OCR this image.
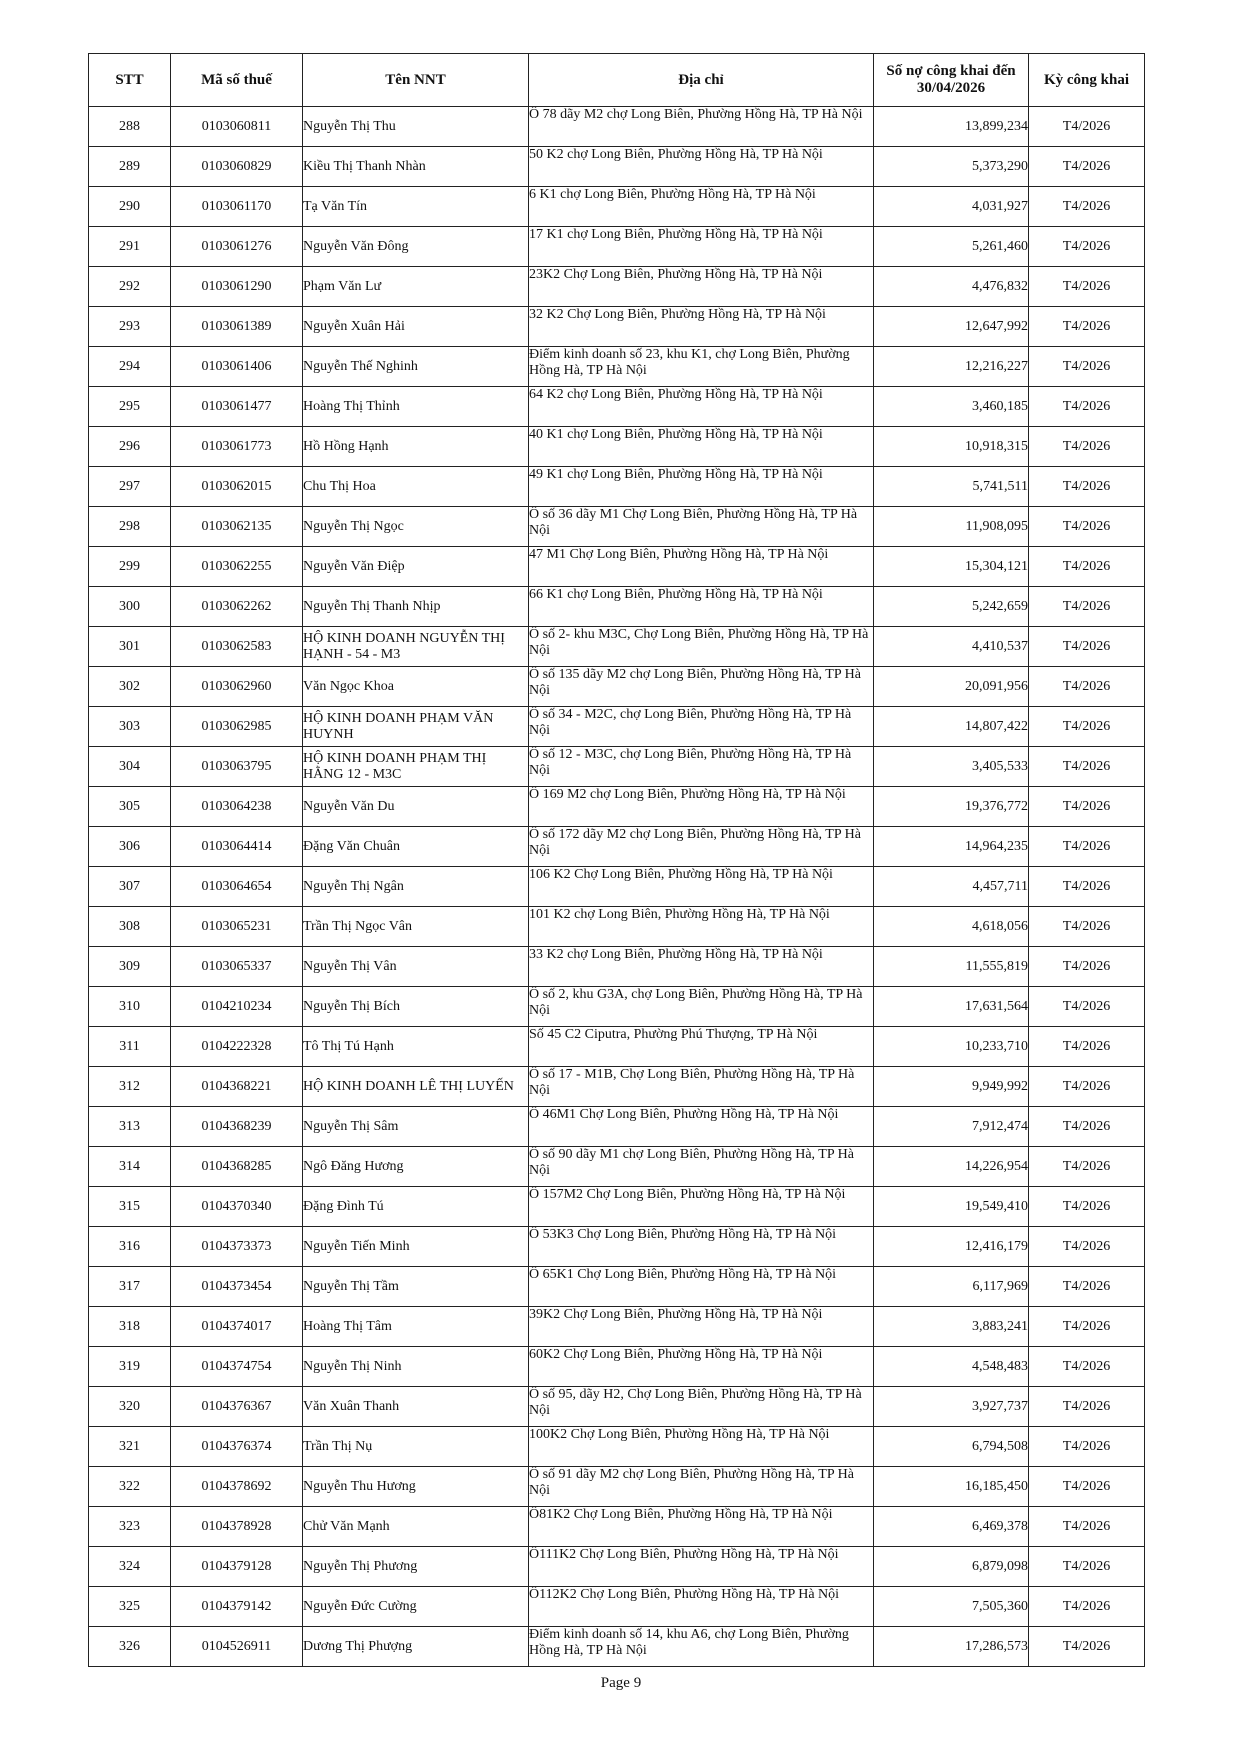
STT	Mã số thuế	Tên NNT	Địa chỉ	Số nợ công khai đến 30/04/2026	Kỳ công khai
288	0103060811	Nguyễn Thị Thu	Ô 78 dãy M2 chợ Long Biên, Phường Hồng Hà, TP Hà Nội	13,899,234	T4/2026
289	0103060829	Kiều Thị Thanh Nhàn	50 K2 chợ Long Biên, Phường Hồng Hà, TP Hà Nội	5,373,290	T4/2026
290	0103061170	Tạ Văn Tín	6 K1 chợ Long Biên, Phường Hồng Hà, TP Hà Nội	4,031,927	T4/2026
291	0103061276	Nguyễn Văn Đông	17 K1 chợ Long Biên, Phường Hồng Hà, TP Hà Nội	5,261,460	T4/2026
292	0103061290	Phạm Văn Lư	23K2 Chợ Long Biên, Phường Hồng Hà, TP Hà Nội	4,476,832	T4/2026
293	0103061389	Nguyễn Xuân Hải	32 K2 Chợ Long Biên, Phường Hồng Hà, TP Hà Nội	12,647,992	T4/2026
294	0103061406	Nguyễn Thế Nghinh	Điểm kinh doanh số 23, khu K1, chợ Long Biên, Phường Hồng Hà, TP Hà Nội	12,216,227	T4/2026
295	0103061477	Hoàng Thị Thỉnh	64 K2 chợ Long Biên, Phường Hồng Hà, TP Hà Nội	3,460,185	T4/2026
296	0103061773	Hồ Hồng Hạnh	40 K1 chợ Long Biên, Phường Hồng Hà, TP Hà Nội	10,918,315	T4/2026
297	0103062015	Chu Thị Hoa	49 K1 chợ Long Biên, Phường Hồng Hà, TP Hà Nội	5,741,511	T4/2026
298	0103062135	Nguyễn Thị Ngọc	Ô số 36 dãy M1 Chợ Long Biên, Phường Hồng Hà, TP Hà Nội	11,908,095	T4/2026
299	0103062255	Nguyễn Văn Điệp	47 M1 Chợ Long Biên, Phường Hồng Hà, TP Hà Nội	15,304,121	T4/2026
300	0103062262	Nguyễn Thị Thanh Nhịp	66 K1 chợ Long Biên, Phường Hồng Hà, TP Hà Nội	5,242,659	T4/2026
301	0103062583	HỘ KINH DOANH NGUYỄN THỊ HẠNH - 54 - M3	Ô số 2- khu M3C, Chợ Long Biên, Phường Hồng Hà, TP Hà Nội	4,410,537	T4/2026
302	0103062960	Văn Ngọc Khoa	Ô số 135 dãy M2 chợ Long Biên, Phường Hồng Hà, TP Hà Nội	20,091,956	T4/2026
303	0103062985	HỘ KINH DOANH PHẠM VĂN HUYNH	Ô số 34 - M2C, chợ Long Biên, Phường Hồng Hà, TP Hà Nội	14,807,422	T4/2026
304	0103063795	HỘ KINH DOANH PHẠM THỊ HẰNG 12 - M3C	Ô số 12 - M3C, chợ Long Biên, Phường Hồng Hà, TP Hà Nội	3,405,533	T4/2026
305	0103064238	Nguyễn Văn Du	Ô 169 M2 chợ Long Biên, Phường Hồng Hà, TP Hà Nội	19,376,772	T4/2026
306	0103064414	Đặng Văn Chuân	Ô số 172 dãy M2 chợ Long Biên, Phường Hồng Hà, TP Hà Nội	14,964,235	T4/2026
307	0103064654	Nguyễn Thị Ngân	106 K2 Chợ Long Biên, Phường Hồng Hà, TP Hà Nội	4,457,711	T4/2026
308	0103065231	Trần Thị Ngọc Vân	101 K2 chợ Long Biên, Phường Hồng Hà, TP Hà Nội	4,618,056	T4/2026
309	0103065337	Nguyễn Thị Vân	33 K2 chợ Long Biên, Phường Hồng Hà, TP Hà Nội	11,555,819	T4/2026
310	0104210234	Nguyễn Thị Bích	Ô số 2, khu G3A, chợ Long Biên, Phường Hồng Hà, TP Hà Nội	17,631,564	T4/2026
311	0104222328	Tô Thị Tú Hạnh	Số 45 C2 Ciputra, Phường Phú Thượng, TP Hà Nội	10,233,710	T4/2026
312	0104368221	HỘ KINH DOANH LÊ THỊ LUYẾN	Ô số 17 - M1B, Chợ Long Biên, Phường Hồng Hà, TP Hà Nội	9,949,992	T4/2026
313	0104368239	Nguyễn Thị Sâm	Ô 46M1 Chợ Long Biên, Phường Hồng Hà, TP Hà Nội	7,912,474	T4/2026
314	0104368285	Ngô Đăng Hương	Ô số 90 dãy M1 chợ Long Biên, Phường Hồng Hà, TP Hà Nội	14,226,954	T4/2026
315	0104370340	Đặng Đình Tú	Ô 157M2 Chợ Long Biên, Phường Hồng Hà, TP Hà Nội	19,549,410	T4/2026
316	0104373373	Nguyễn Tiến Minh	Ô 53K3 Chợ Long Biên, Phường Hồng Hà, TP Hà Nội	12,416,179	T4/2026
317	0104373454	Nguyễn Thị Tầm	Ô 65K1 Chợ Long Biên, Phường Hồng Hà, TP Hà Nội	6,117,969	T4/2026
318	0104374017	Hoàng Thị Tâm	39K2 Chợ Long Biên, Phường Hồng Hà, TP Hà Nội	3,883,241	T4/2026
319	0104374754	Nguyễn Thị Ninh	60K2 Chợ Long Biên, Phường Hồng Hà, TP Hà Nội	4,548,483	T4/2026
320	0104376367	Văn Xuân Thanh	Ô số 95, dãy H2, Chợ Long Biên, Phường Hồng Hà, TP Hà Nội	3,927,737	T4/2026
321	0104376374	Trần Thị Nụ	100K2 Chợ Long Biên, Phường Hồng Hà, TP Hà Nội	6,794,508	T4/2026
322	0104378692	Nguyễn Thu Hương	Ô số 91 dãy M2 chợ Long Biên, Phường Hồng Hà, TP Hà Nội	16,185,450	T4/2026
323	0104378928	Chử Văn Mạnh	Ô81K2 Chợ Long Biên, Phường Hồng Hà, TP Hà Nội	6,469,378	T4/2026
324	0104379128	Nguyễn Thị Phương	Ô111K2 Chợ Long Biên, Phường Hồng Hà, TP Hà Nội	6,879,098	T4/2026
325	0104379142	Nguyễn Đức Cường	Ô112K2 Chợ Long Biên, Phường Hồng Hà, TP Hà Nội	7,505,360	T4/2026
326	0104526911	Dương Thị Phượng	Điểm kinh doanh số 14, khu A6, chợ Long Biên, Phường Hồng Hà, TP Hà Nội	17,286,573	T4/2026
Page 9
